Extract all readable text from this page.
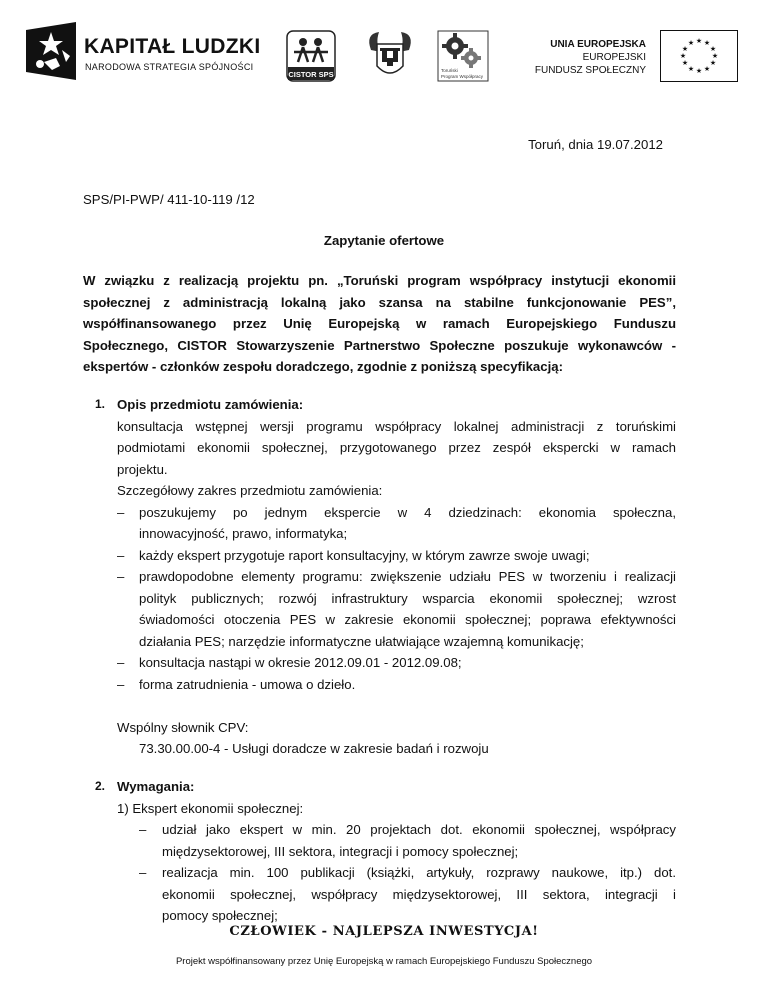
KAPITAŁ LUDZKI
NARODOWA STRATEGIA SPÓJNOŚCI
CISTOR SPS	Toruński
Program Współpracy
UNIA EUROPEJSKA
EUROPEJSKI
FUNDUSZ SPOŁECZNY
★ ★
★
★
★
★
★
★
★
★
★
★
Toruń, dnia 19.07.2012
SPS/PI-PWP/ 411-10-119 /12
Zapytanie ofertowe
W związku z realizacją projektu pn. „Toruński program współpracy instytucji ekonomii
społecznej z administracją lokalną jako szansa na stabilne funkcjonowanie PES”,
współfinansowanego przez Unię Europejską w ramach Europejskiego Funduszu
Społecznego, CISTOR Stowarzyszenie Partnerstwo Społeczne poszukuje wykonawców -
ekspertów - członków zespołu doradczego, zgodnie z poniższą specyfikacją:
1. Opis przedmiotu zamówienia:
konsultacja wstępnej wersji programu współpracy lokalnej administracji z toruńskimi
podmiotami ekonomii społecznej, przygotowanego przez zespół ekspercki w ramach
projektu.
Szczegółowy zakres przedmiotu zamówienia:
–	poszukujemy po jednym ekspercie w 4 dziedzinach: ekonomia społeczna,
innowacyjność, prawo, informatyka;
–	każdy ekspert przygotuje raport konsultacyjny, w którym zawrze swoje uwagi;
–	prawdopodobne elementy programu: zwiększenie udziału PES w tworzeniu i realizacji
polityk publicznych; rozwój infrastruktury wsparcia ekonomii społecznej; wzrost
świadomości otoczenia PES w zakresie ekonomii społecznej; poprawa efektywności
działania PES; narzędzie informatyczne ułatwiające wzajemną komunikację;
–	konsultacja nastąpi w okresie 2012.09.01 - 2012.09.08;
–	forma zatrudnienia - umowa o dzieło.
Wspólny słownik CPV:
73.30.00.00-4 - Usługi doradcze w zakresie badań i rozwoju
2. Wymagania:
1) Ekspert ekonomii społecznej:
–	udział jako ekspert w min. 20 projektach dot. ekonomii społecznej, współpracy
międzysektorowej, III sektora, integracji i pomocy społecznej;
–	realizacja min. 100 publikacji (książki, artykuły, rozprawy naukowe, itp.) dot.
ekonomii społecznej, współpracy międzysektorowej, III sektora, integracji i
pomocy społecznej;
CZŁOWIEK - NAJLEPSZA INWESTYCJA!
Projekt współfinansowany przez Unię Europejską w ramach Europejskiego Funduszu Społecznego
